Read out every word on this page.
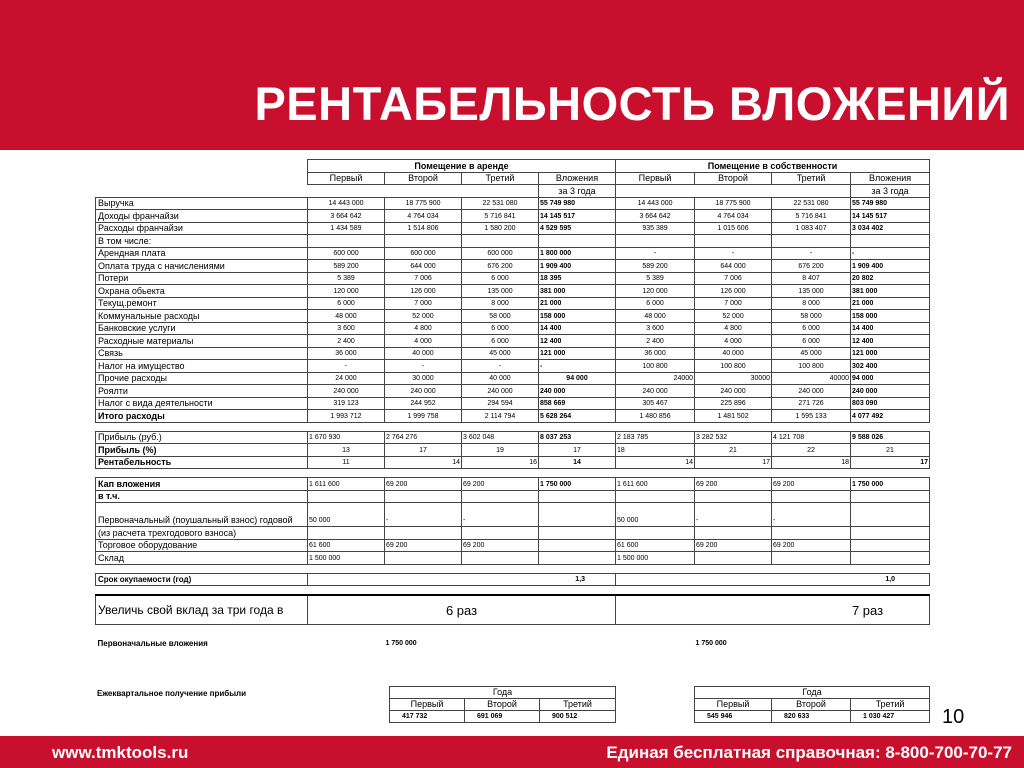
РЕНТАБЕЛЬНОСТЬ ВЛОЖЕНИЙ
	Помещение в аренде				Помещение в собственности			
	Первый	Второй	Третий	Вложения	Первый	Второй	Третий	Вложения
				за 3 года				за 3 года
Выручка	14 443 000	18 775 900	22 531 080	55 749 980	14 443 000	18 775 900	22 531 080	55 749 980
Доходы франчайзи	3 664 642	4 764 034	5 716 841	14 145 517	3 664 642	4 764 034	5 716 841	14 145 517
Расходы франчайзи	1 434 589	1 514 806	1 580 200	4 529 595	935 389	1 015 606	1 083 407	3 034 402
В том числе:								
Арендная плата	600 000	600 000	600 000	1 800 000	-	-	-	-
Оплата труда с начислениями	589 200	644 000	676 200	1 909 400	589 200	644 000	676 200	1 909 400
Потери	5 389	7 006	6 000	18 395	5 389	7 006	8 407	20 802
Охрана обьекта	120 000	126 000	135 000	381 000	120 000	126 000	135 000	381 000
Текущ.ремонт	6 000	7 000	8 000	21 000	6 000	7 000	8 000	21 000
Коммунальные расходы	48 000	52 000	58 000	158 000	48 000	52 000	58 000	158 000
Банковские услуги	3 600	4 800	6 000	14 400	3 600	4 800	6 000	14 400
Расходные материалы	2 400	4 000	6 000	12 400	2 400	4 000	6 000	12 400
Связь	36 000	40 000	45 000	121 000	36 000	40 000	45 000	121 000
Налог на имущество	-	-	-	-	100 800	100 800	100 800	302 400
Прочие расходы	24 000	30 000	40 000	94 000	24000	30000	40000	94 000
Роялти	240 000	240 000	240 000	240 000	240 000	240 000	240 000	240 000
Налог с вида деятельности	319 123	244 952	294 594	858 669	305 467	225 896	271 726	803 090
Итого расходы	1 993 712	1 999 758	2 114 794	5 628 264	1 480 856	1 481 502	1 595 133	4 077 492

Прибыль (руб.)	1 670 930	2 764 276	3 602 048	8 037 253	2 183 785	3 282 532	4 121 708	9 588 026
Прибыль (%)	13	17	19	17	18	21	22	21
Рентабельность	11	14	16	14	14	17	18	17

Кап вложения	1 611 600	69 200	69 200	1 750 000	1 611 600	69 200	69 200	1 750 000
в т.ч.								
Первоначальный (поушальный взнос) годовой	50 000	-	-		50 000	-	-	
(из расчета трехгодового взноса)								
Торговое оборудование	61 600	69 200	69 200		61 600	69 200	69 200	
Склад	1 500 000				1 500 000			

Срок окупаемости (год)	1,3				1,0			

Увеличь свой вклад за три года в	6 раз				7 раз			
Первоначальные вложения		1 750 000				1 750 000		
Года		
Первый	Второй	Третий
417 732	691 069	900 512
Года		
Первый	Второй	Третий
545 946	820 633	1 030 427
Ежеквартальное получение прибыли
10
www.tmktools.ru	Единая бесплатная справочная: 8-800-700-70-77
